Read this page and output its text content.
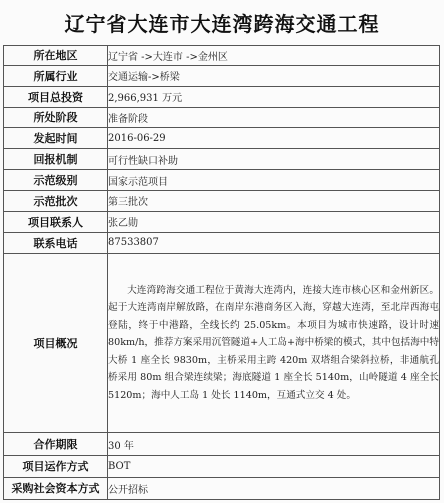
辽宁省大连市大连湾跨海交通工程
所在地区	辽宁省 ->大连市 ->金州区
所属行业	交通运输->桥梁
项目总投资	2,966,931 万元
所处阶段	准备阶段
发起时间	2016-06-29
回报机制	可行性缺口补助
示范级别	国家示范项目
示范批次	第三批次
项目联系人	张乙勋
联系电话	87533807
项目概况	大连湾跨海交通工程位于黄海大连湾内，连接大连市核心区和金州新区。起于大连湾南岸解放路，在南岸东港商务区入海，穿越大连湾，至北岸西海屯登陆，终于中港路，全线长约 25.05km。本项目为城市快速路，设计时速 80km/h，推荐方案采用沉管隧道+人工岛+海中桥梁的模式，其中包括海中特大桥 1 座全长 9830m，主桥采用主跨 420m 双塔组合梁斜拉桥，非通航孔桥采用 80m 组合梁连续梁；海底隧道 1 座全长 5140m，山岭隧道 4 座全长 5120m；海中人工岛 1 处长 1140m，互通式立交 4 处。
合作期限	30 年
项目运作方式	BOT
采购社会资本方式	公开招标
